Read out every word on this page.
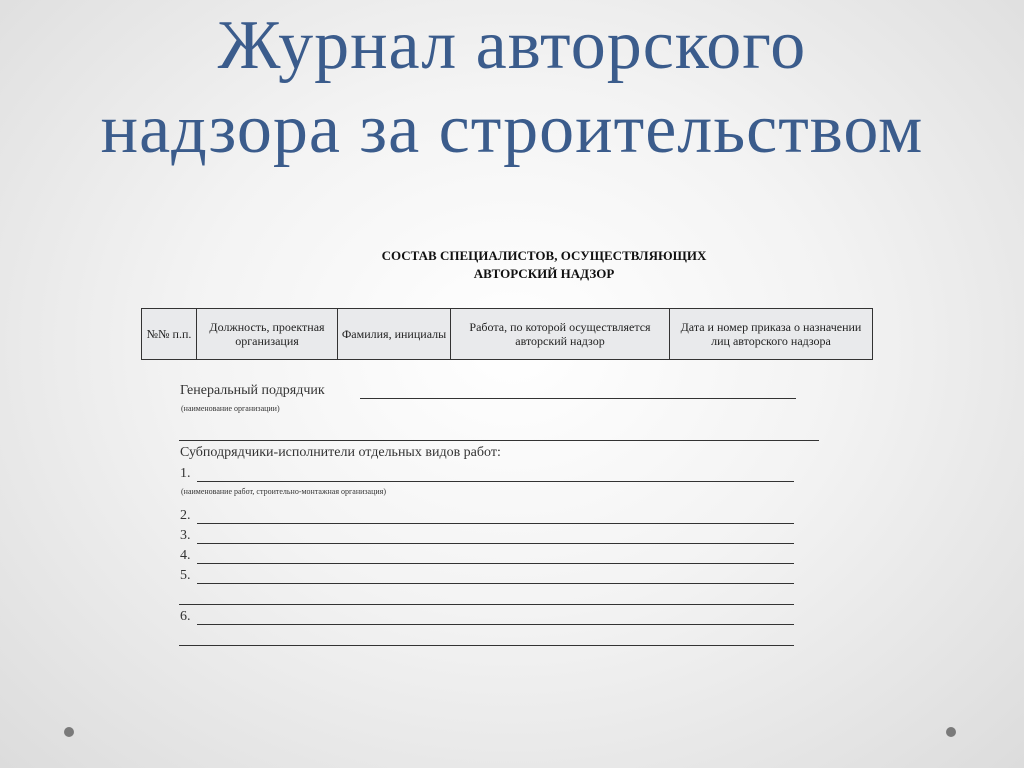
Журнал авторского
надзора за строительством
СОСТАВ СПЕЦИАЛИСТОВ, ОСУЩЕСТВЛЯЮЩИХ
АВТОРСКИЙ НАДЗОР
№№ п.п.	Должность, проектная организация	Фамилия, инициалы	Работа, по которой осуществляется авторский надзор	Дата и номер приказа о назначении лиц авторского надзора
Генеральный подрядчик
(наименование организации)
Субподрядчики-исполнители отдельных видов работ:
1.
(наименование работ, строительно-монтажная организация)
2.
3.
4.
5.
6.
